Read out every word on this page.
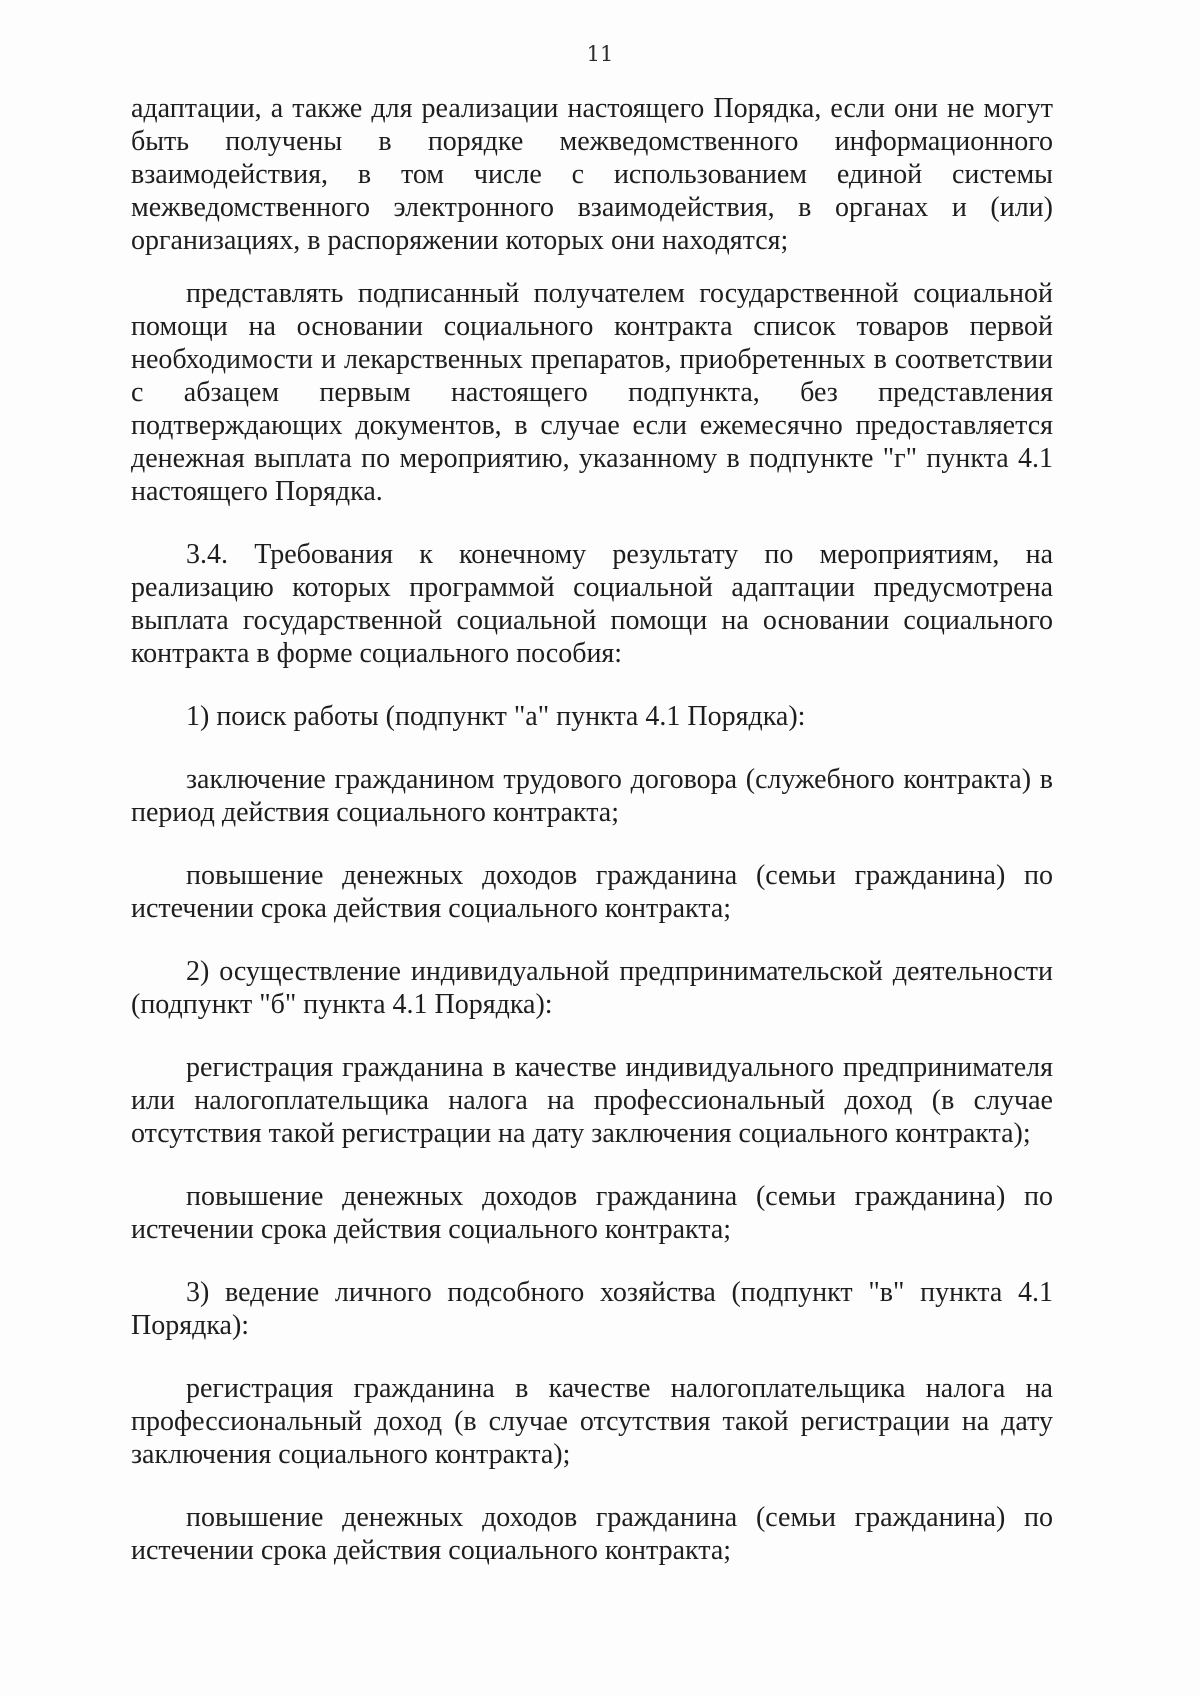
11

адаптации, а также для реализации настоящего Порядка, если они не могут быть получены в порядке межведомственного информационного взаимодействия, в том числе с использованием единой системы межведомственного электронного взаимодействия, в органах и (или) организациях, в распоряжении которых они находятся;

представлять подписанный получателем государственной социальной помощи на основании социального контракта список товаров первой необходимости и лекарственных препаратов, приобретенных в соответствии с абзацем первым настоящего подпункта, без представления подтверждающих документов, в случае если ежемесячно предоставляется денежная выплата по мероприятию, указанному в подпункте "г" пункта 4.1 настоящего Порядка.

3.4. Требования к конечному результату по мероприятиям, на реализацию которых программой социальной адаптации предусмотрена выплата государственной социальной помощи на основании социального контракта в форме социального пособия:

1) поиск работы (подпункт "а" пункта 4.1 Порядка):

заключение гражданином трудового договора (служебного контракта) в период действия социального контракта;

повышение денежных доходов гражданина (семьи гражданина) по истечении срока действия социального контракта;

2) осуществление индивидуальной предпринимательской деятельности (подпункт "б" пункта 4.1 Порядка):

регистрация гражданина в качестве индивидуального предпринимателя или налогоплательщика налога на профессиональный доход (в случае отсутствия такой регистрации на дату заключения социального контракта);

повышение денежных доходов гражданина (семьи гражданина) по истечении срока действия социального контракта;

3) ведение личного подсобного хозяйства (подпункт "в" пункта 4.1 Порядка):

регистрация гражданина в качестве налогоплательщика налога на профессиональный доход (в случае отсутствия такой регистрации на дату заключения социального контракта);

повышение денежных доходов гражданина (семьи гражданина) по истечении срока действия социального контракта;
